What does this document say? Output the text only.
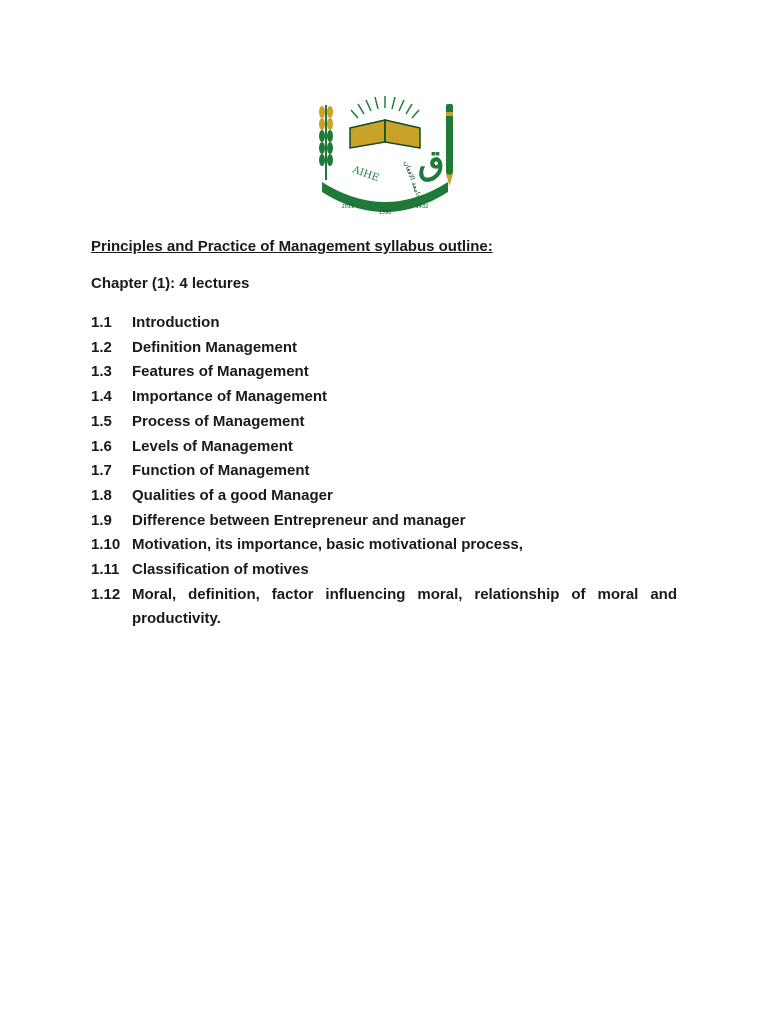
AIHE	جامعة الافغان
اق
دلوړو زده کړو موسسه
2011
1390
1432

Principles and Practice of Management syllabus outline:

Chapter (1): 4 lectures

1.1	Introduction
1.2	Definition Management
1.3	Features of Management
1.4	Importance of Management
1.5	Process of Management
1.6	Levels of Management
1.7	Function of Management
1.8	Qualities of a good Manager
1.9	Difference between Entrepreneur and manager
1.10 Motivation, its importance, basic motivational process,
1.11 Classification of motives
1.12 Moral, definition, factor influencing moral, relationship of moral and productivity.
